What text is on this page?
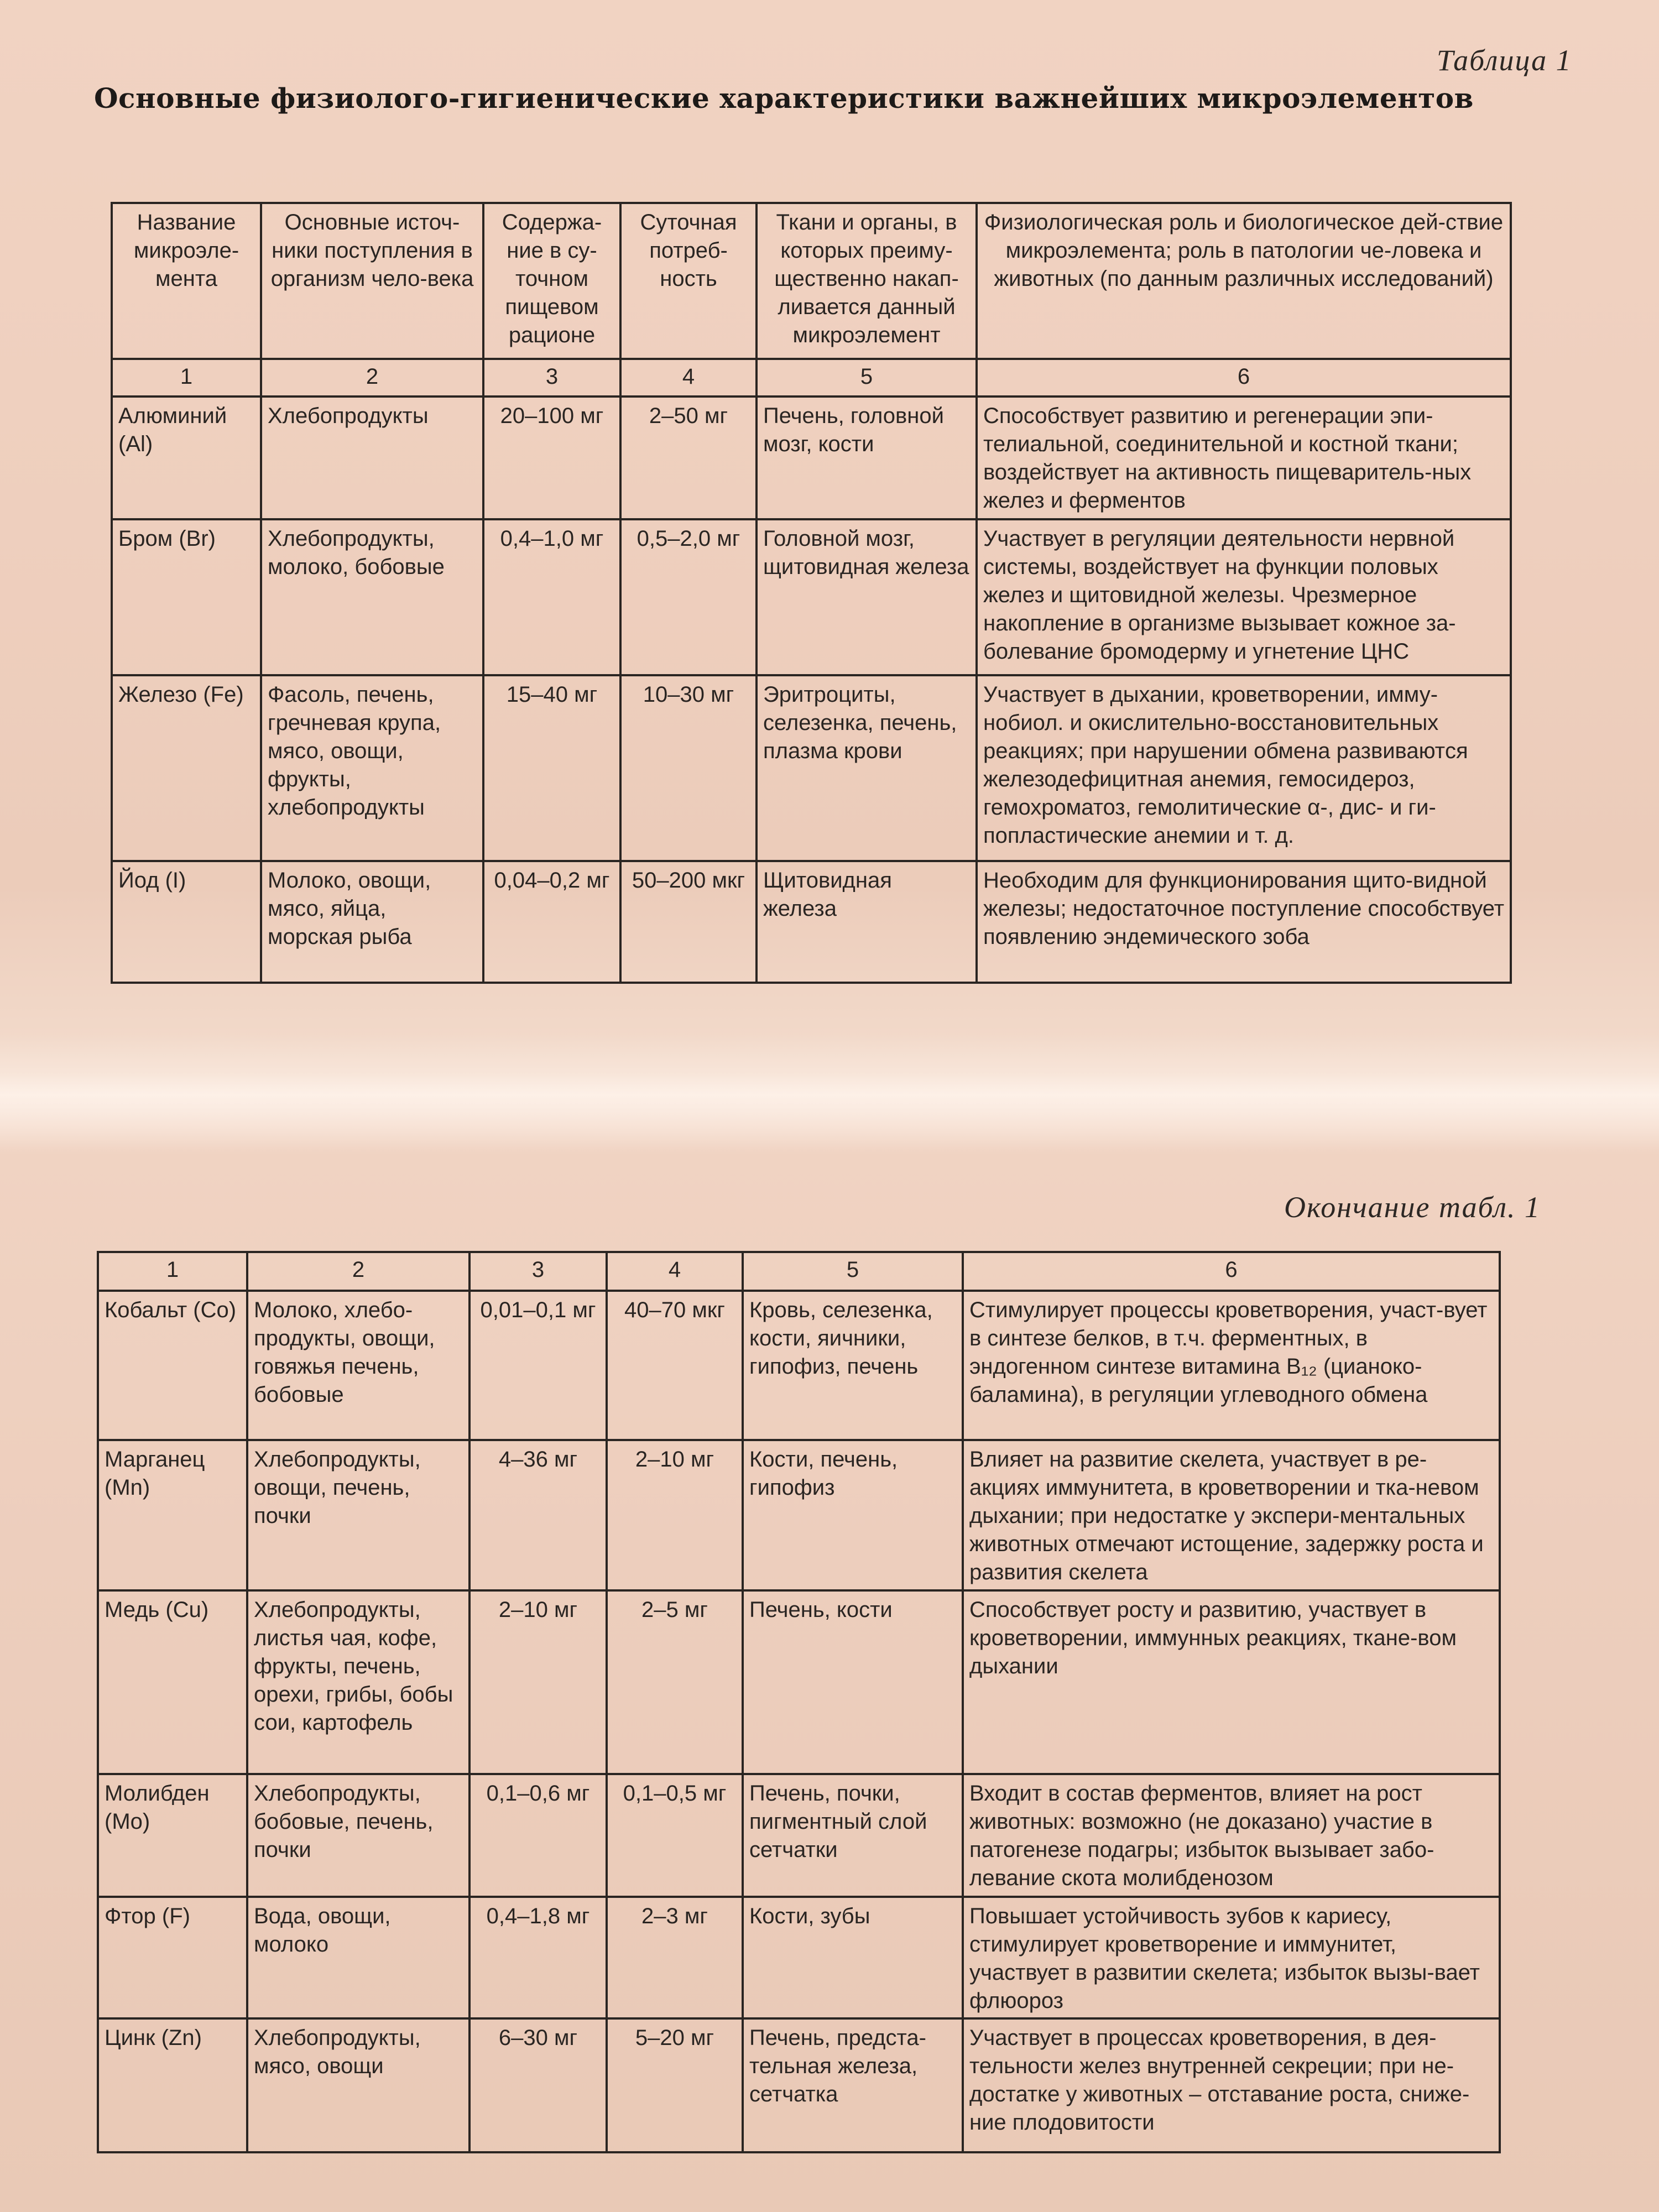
Таблица 1
Основные физиолого-гигиенические характеристики важнейших микроэлементов
Название микроэле-мента	Основные источ-ники поступления в организм чело-века	Содержа-ние в су-точном пищевом рационе	Суточная потреб-ность	Ткани и органы, в которых преиму-щественно накап-ливается данный микроэлемент	Физиологическая роль и биологическое дей-ствие микроэлемента; роль в патологии че-ловека и животных (по данным различных исследований)
1	2	3	4	5	6
Алюминий (Al)	Хлебопродукты	20–100 мг	2–50 мг	Печень, головной мозг, кости	Способствует развитию и регенерации эпи-телиальной, соединительной и костной ткани; воздействует на активность пищеваритель-ных желез и ферментов
Бром (Br)	Хлебопродукты, молоко, бобовые	0,4–1,0 мг	0,5–2,0 мг	Головной мозг, щитовидная железа	Участвует в регуляции деятельности нервной системы, воздействует на функции половых желез и щитовидной железы. Чрезмерное накопление в организме вызывает кожное за-болевание бромодерму и угнетение ЦНС
Железо (Fe)	Фасоль, печень, гречневая крупа, мясо, овощи, фрукты, хлебопродукты	15–40 мг	10–30 мг	Эритроциты, селезенка, печень, плазма крови	Участвует в дыхании, кроветворении, имму-нобиол. и окислительно-восстановительных реакциях; при нарушении обмена развиваютcя железодефицитная анемия, гемосидероз, гемохроматоз, гемолитические α-, дис- и ги-попластические анемии и т. д.
Йод (I)	Молоко, овощи, мясо, яйца, морская рыба	0,04–0,2 мг	50–200 мкг	Щитовидная железа	Необходим для функционирования щито-видной железы; недостаточное поступление способствует появлению эндемического зоба
Окончание табл. 1
1	2	3	4	5	6
Кобальт (Co)	Молоко, хлебо-продукты, овощи, говяжья печень, бобовые	0,01–0,1 мг	40–70 мкг	Кровь, селезенка, кости, яичники, гипофиз, печень	Стимулирует процессы кроветворения, участ-вует в синтезе белков, в т.ч. ферментных, в эндогенном синтезе витамина B₁₂ (цианоко-баламина), в регуляции углеводного обмена
Марганец (Mn)	Хлебопродукты, овощи, печень, почки	4–36 мг	2–10 мг	Кости, печень, гипофиз	Влияет на развитие скелета, участвует в ре-акциях иммунитета, в кроветворении и тка-невом дыхании; при недостатке у экспери-ментальных животных отмечают истощение, задержку роста и развития скелета
Медь (Cu)	Хлебопродукты, листья чая, кофе, фрукты, печень, орехи, грибы, бобы сои, картофель	2–10 мг	2–5 мг	Печень, кости	Способствует росту и развитию, участвует в кроветворении, иммунных реакциях, ткане-вом дыхании
Молибден (Mo)	Хлебопродукты, бобовые, печень, почки	0,1–0,6 мг	0,1–0,5 мг	Печень, почки, пигментный слой сетчатки	Входит в состав ферментов, влияет на рост животных: возможно (не доказано) участие в патогенезе подагры; избыток вызывает забо-левание скота молибденозом
Фтор (F)	Вода, овощи, молоко	0,4–1,8 мг	2–3 мг	Кости, зубы	Повышает устойчивость зубов к кариесу, стимулирует кроветворение и иммунитет, участвует в развитии скелета; избыток вызы-вает флюороз
Цинк (Zn)	Хлебопродукты, мясо, овощи	6–30 мг	5–20 мг	Печень, предста-тельная железа, сетчатка	Участвует в процессах кроветворения, в дея-тельности желез внутренней секреции; при не-достатке у животных – отставание роста, сниже-ние плодовитости
